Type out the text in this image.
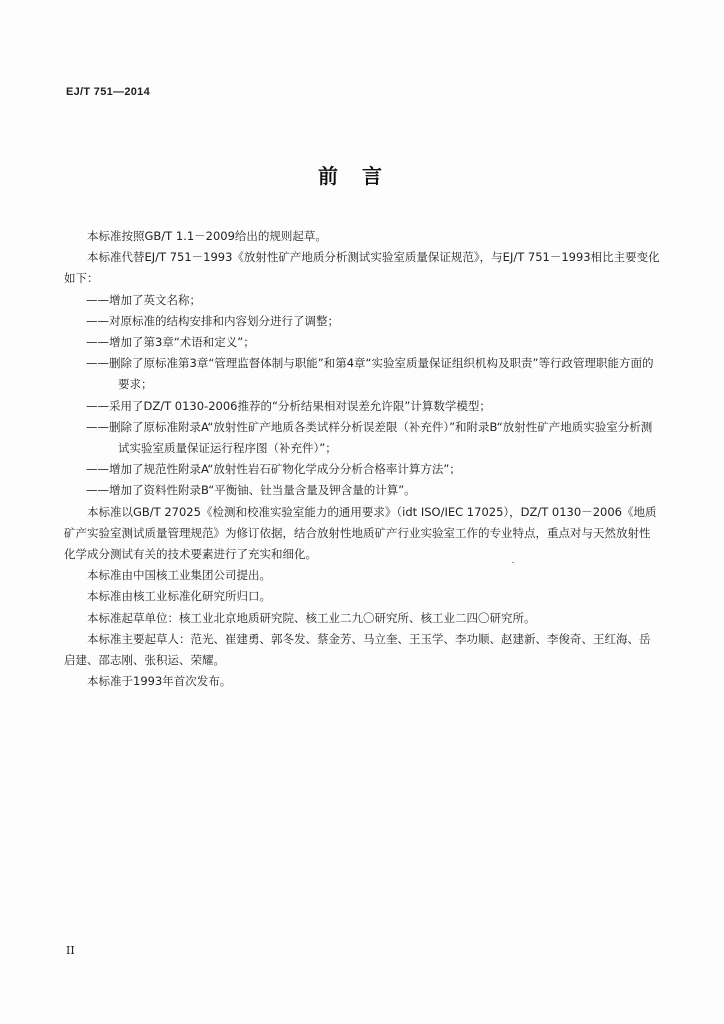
EJ/T 751—2014
前言

本标准按照GB/T 1.1－2009给出的规则起草。

本标准代替EJ/T 751－1993《放射性矿产地质分析测试实验室质量保证规范》，与EJ/T 751－1993相比主要变化如下：

——增加了英文名称；

——对原标准的结构安排和内容划分进行了调整；

——增加了第3章“术语和定义”；

——删除了原标准第3章“管理监督体制与职能”和第4章“实验室质量保证组织机构及职责”等行政管理职能方面的要求；

——采用了DZ/T 0130-2006推荐的“分析结果相对误差允许限”计算数学模型；

——删除了原标准附录A“放射性矿产地质各类试样分析误差限（补充件）”和附录B“放射性矿产地质实验室分析测试实验室质量保证运行程序图（补充件）”；

——增加了规范性附录A“放射性岩石矿物化学成分分析合格率计算方法”；

——增加了资料性附录B“平衡铀、钍当量含量及钾含量的计算”。

本标准以GB/T 27025《检测和校准实验室能力的通用要求》（idt ISO/IEC 17025），DZ/T 0130－2006《地质矿产实验室测试质量管理规范》为修订依据，结合放射性地质矿产行业实验室工作的专业特点，重点对与天然放射性化学成分测试有关的技术要素进行了充实和细化。

本标准由中国核工业集团公司提出。

本标准由核工业标准化研究所归口。

本标准起草单位：核工业北京地质研究院、核工业二九〇研究所、核工业二四〇研究所。

本标准主要起草人：范光、崔建勇、郭冬发、蔡金芳、马立奎、王玉学、李功顺、赵建新、李俊奇、王红海、岳启建、邵志刚、张积运、荣耀。

本标准于1993年首次发布。

II
